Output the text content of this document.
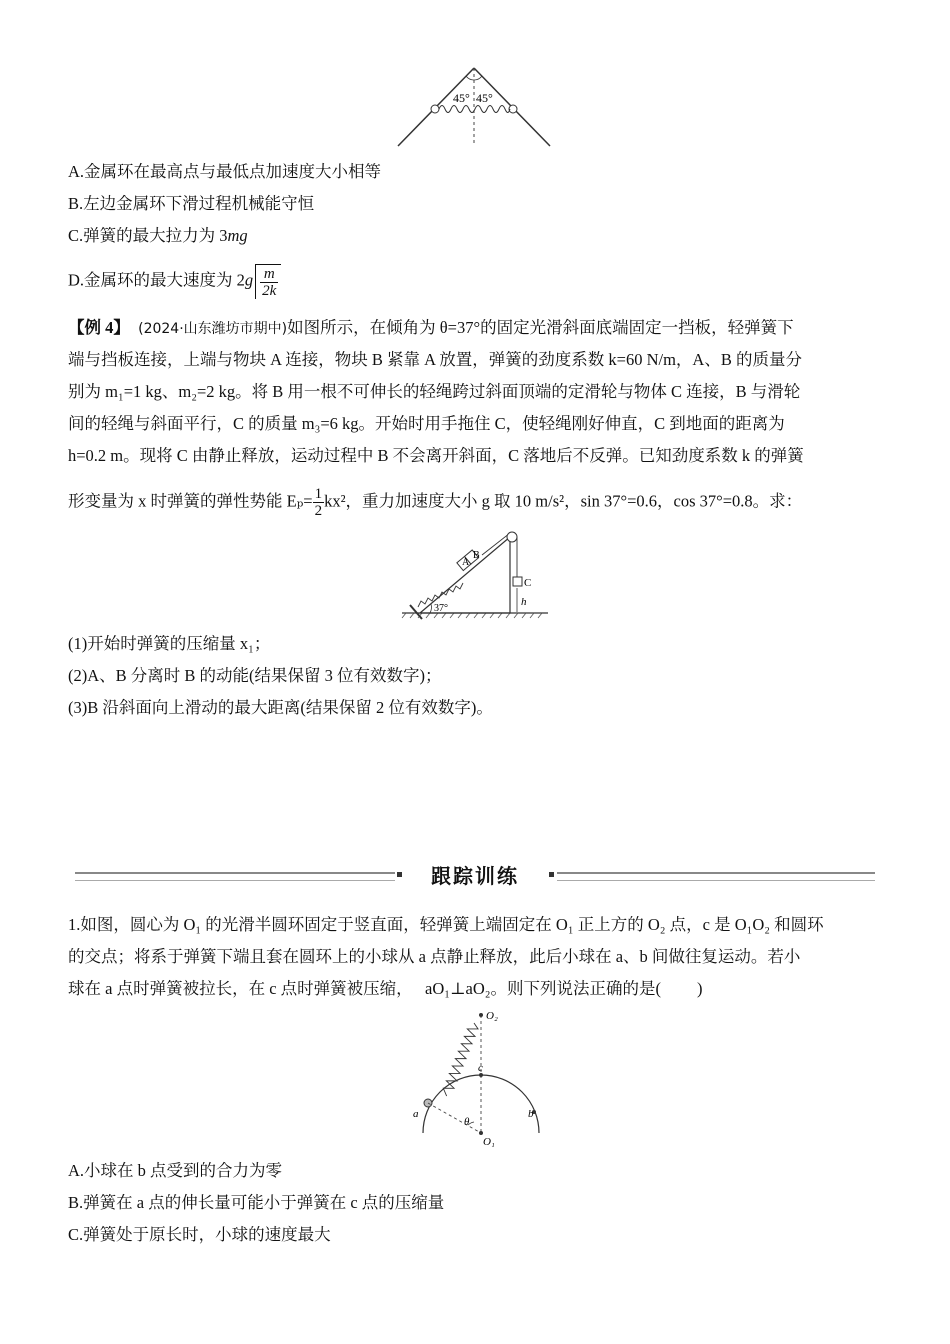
45° 45°
A.金属环在最高点与最低点加速度大小相等
B.左边金属环下滑过程机械能守恒
C.弹簧的最大拉力为 3mg
D.金属环的最大速度为 $2g \frac{m}{2k}$
【例 4】 (2024·山东潍坊市期中)如图所示，在倾角为 θ=37°的固定光滑斜面底端固定一挡板，轻弹簧下
端与挡板连接，上端与物块 A 连接，物块 B 紧靠 A 放置，弹簧的劲度系数 k=60 N/m，A、B 的质量分
别为 m₁=1 kg、m₂=2 kg。将 B 用一根不可伸长的轻绳跨过斜面顶端的定滑轮与物体 C 连接，B 与滑轮
间的轻绳与斜面平行，C 的质量 m₃=6 kg。开始时用手拖住 C，使轻绳刚好伸直，C 到地面的距离为
h=0.2 m。现将 C 由静止释放，运动过程中 B 不会离开斜面，C 落地后不反弹。已知劲度系数 k 的弹簧
形变量为 x 时弹簧的弹性势能 $E_p= \frac{1}{2} kx^2$，重力加速度大小 g 取 10 m/s²，sin 37°=0.6，cos 37°=0.8。求：
A
B
C
h
37°
(1)开始时弹簧的压缩量 x₁；
(2)A、B 分离时 B 的动能(结果保留 3 位有效数字)；
(3)B 沿斜面向上滑动的最大距离(结果保留 2 位有效数字)。
跟踪训练
1.如图，圆心为 O₁ 的光滑半圆环固定于竖直面，轻弹簧上端固定在 O₁ 正上方的 O₂ 点，c 是 O₁O₂ 和圆环
的交点；将系于弹簧下端且套在圆环上的小球从 a 点静止释放，此后小球在 a、b 间做往复运动。若小
球在 a 点时弹簧被拉长，在 c 点时弹簧被压缩， aO₁⊥aO₂。则下列说法正确的是( )
O₂
c
b
a
θ
O₁
A.小球在 b 点受到的合力为零
B.弹簧在 a 点的伸长量可能小于弹簧在 c 点的压缩量
C.弹簧处于原长时，小球的速度最大
